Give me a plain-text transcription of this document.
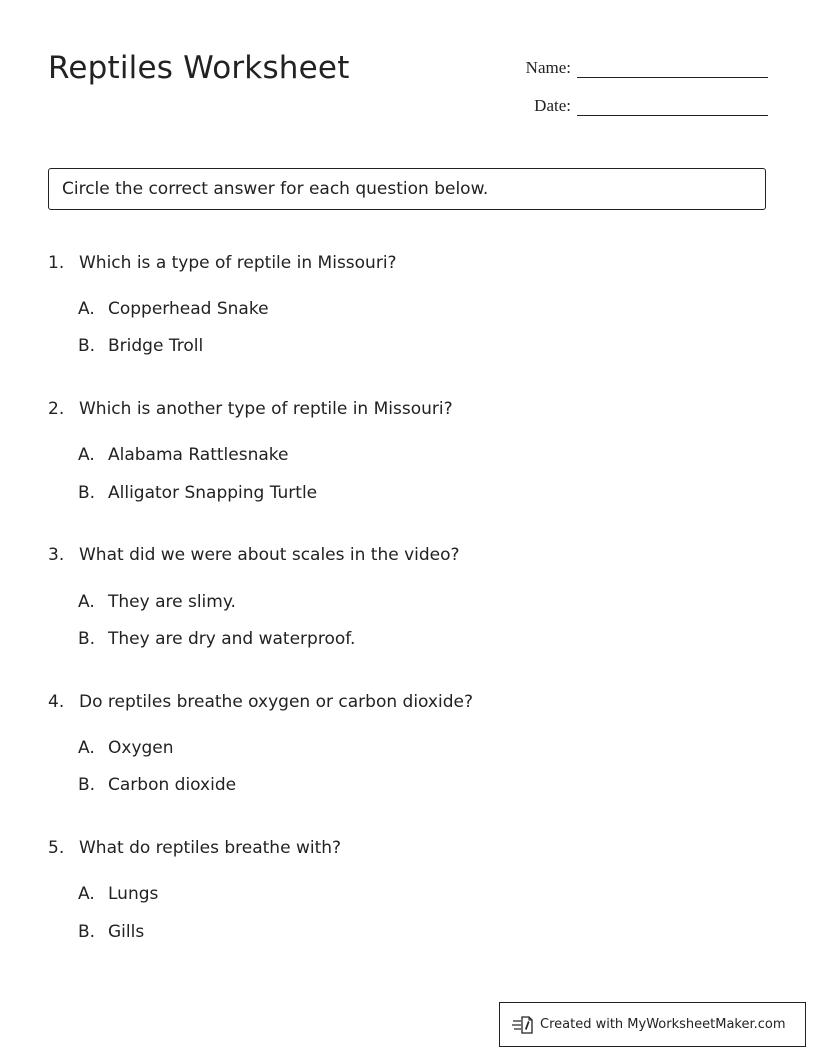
Reptiles Worksheet	Name:
Date:
Circle the correct answer for each question below.
1. Which is a type of reptile in Missouri?
A. Copperhead Snake
B. Bridge Troll
2. Which is another type of reptile in Missouri?
A. Alabama Rattlesnake
B. Alligator Snapping Turtle
3. What did we were about scales in the video?
A. They are slimy.
B. They are dry and waterproof.
4. Do reptiles breathe oxygen or carbon dioxide?
A. Oxygen
B. Carbon dioxide
5. What do reptiles breathe with?
A. Lungs
B. Gills
Created with MyWorksheetMaker.com
